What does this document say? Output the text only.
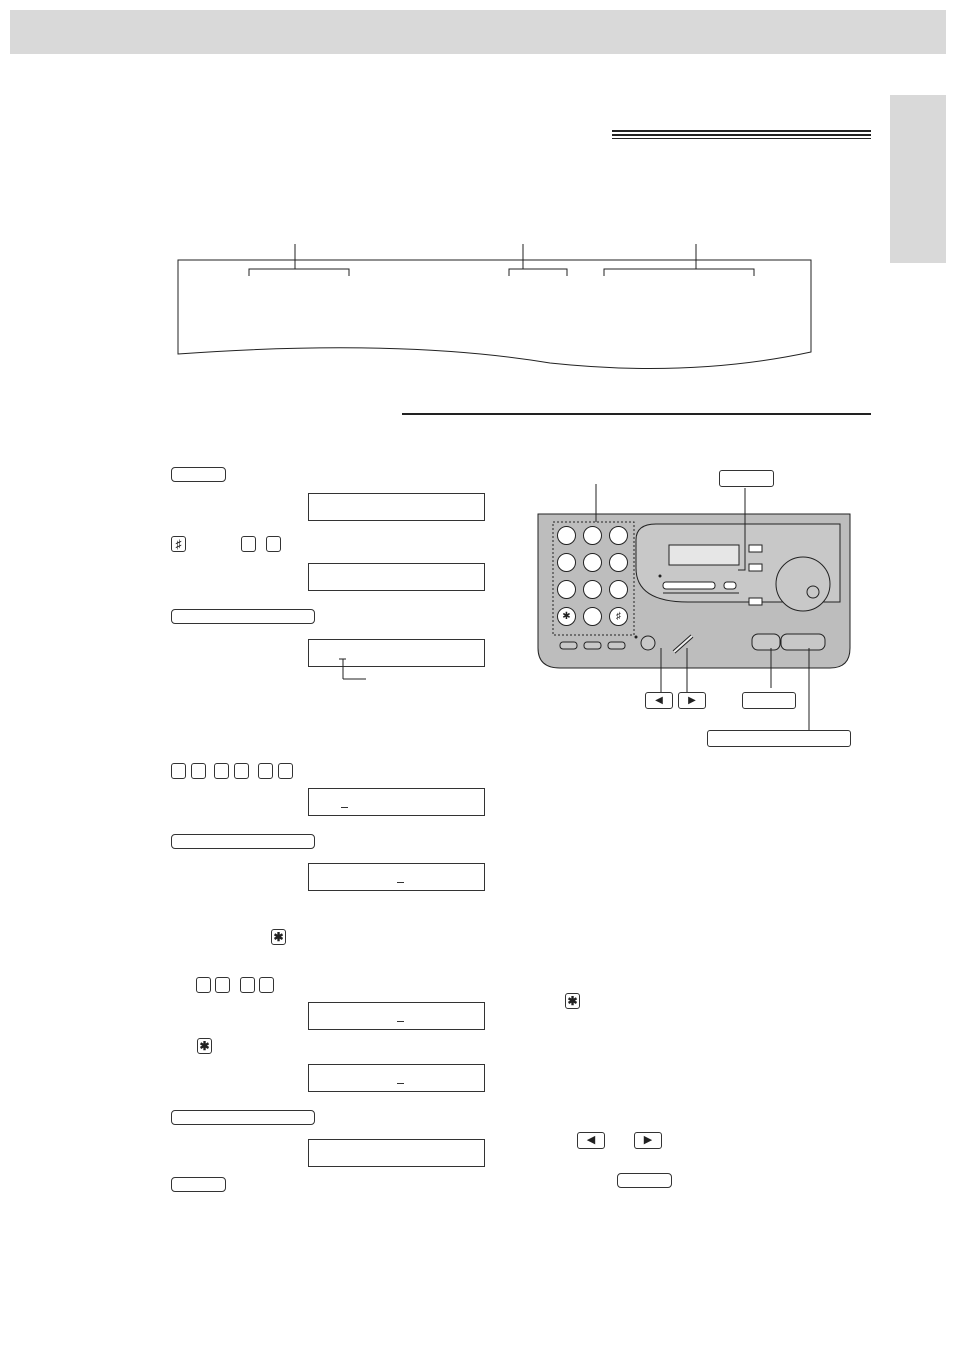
♯
✱
✱
✱	♯
◀	▶
✱
◀	▶
